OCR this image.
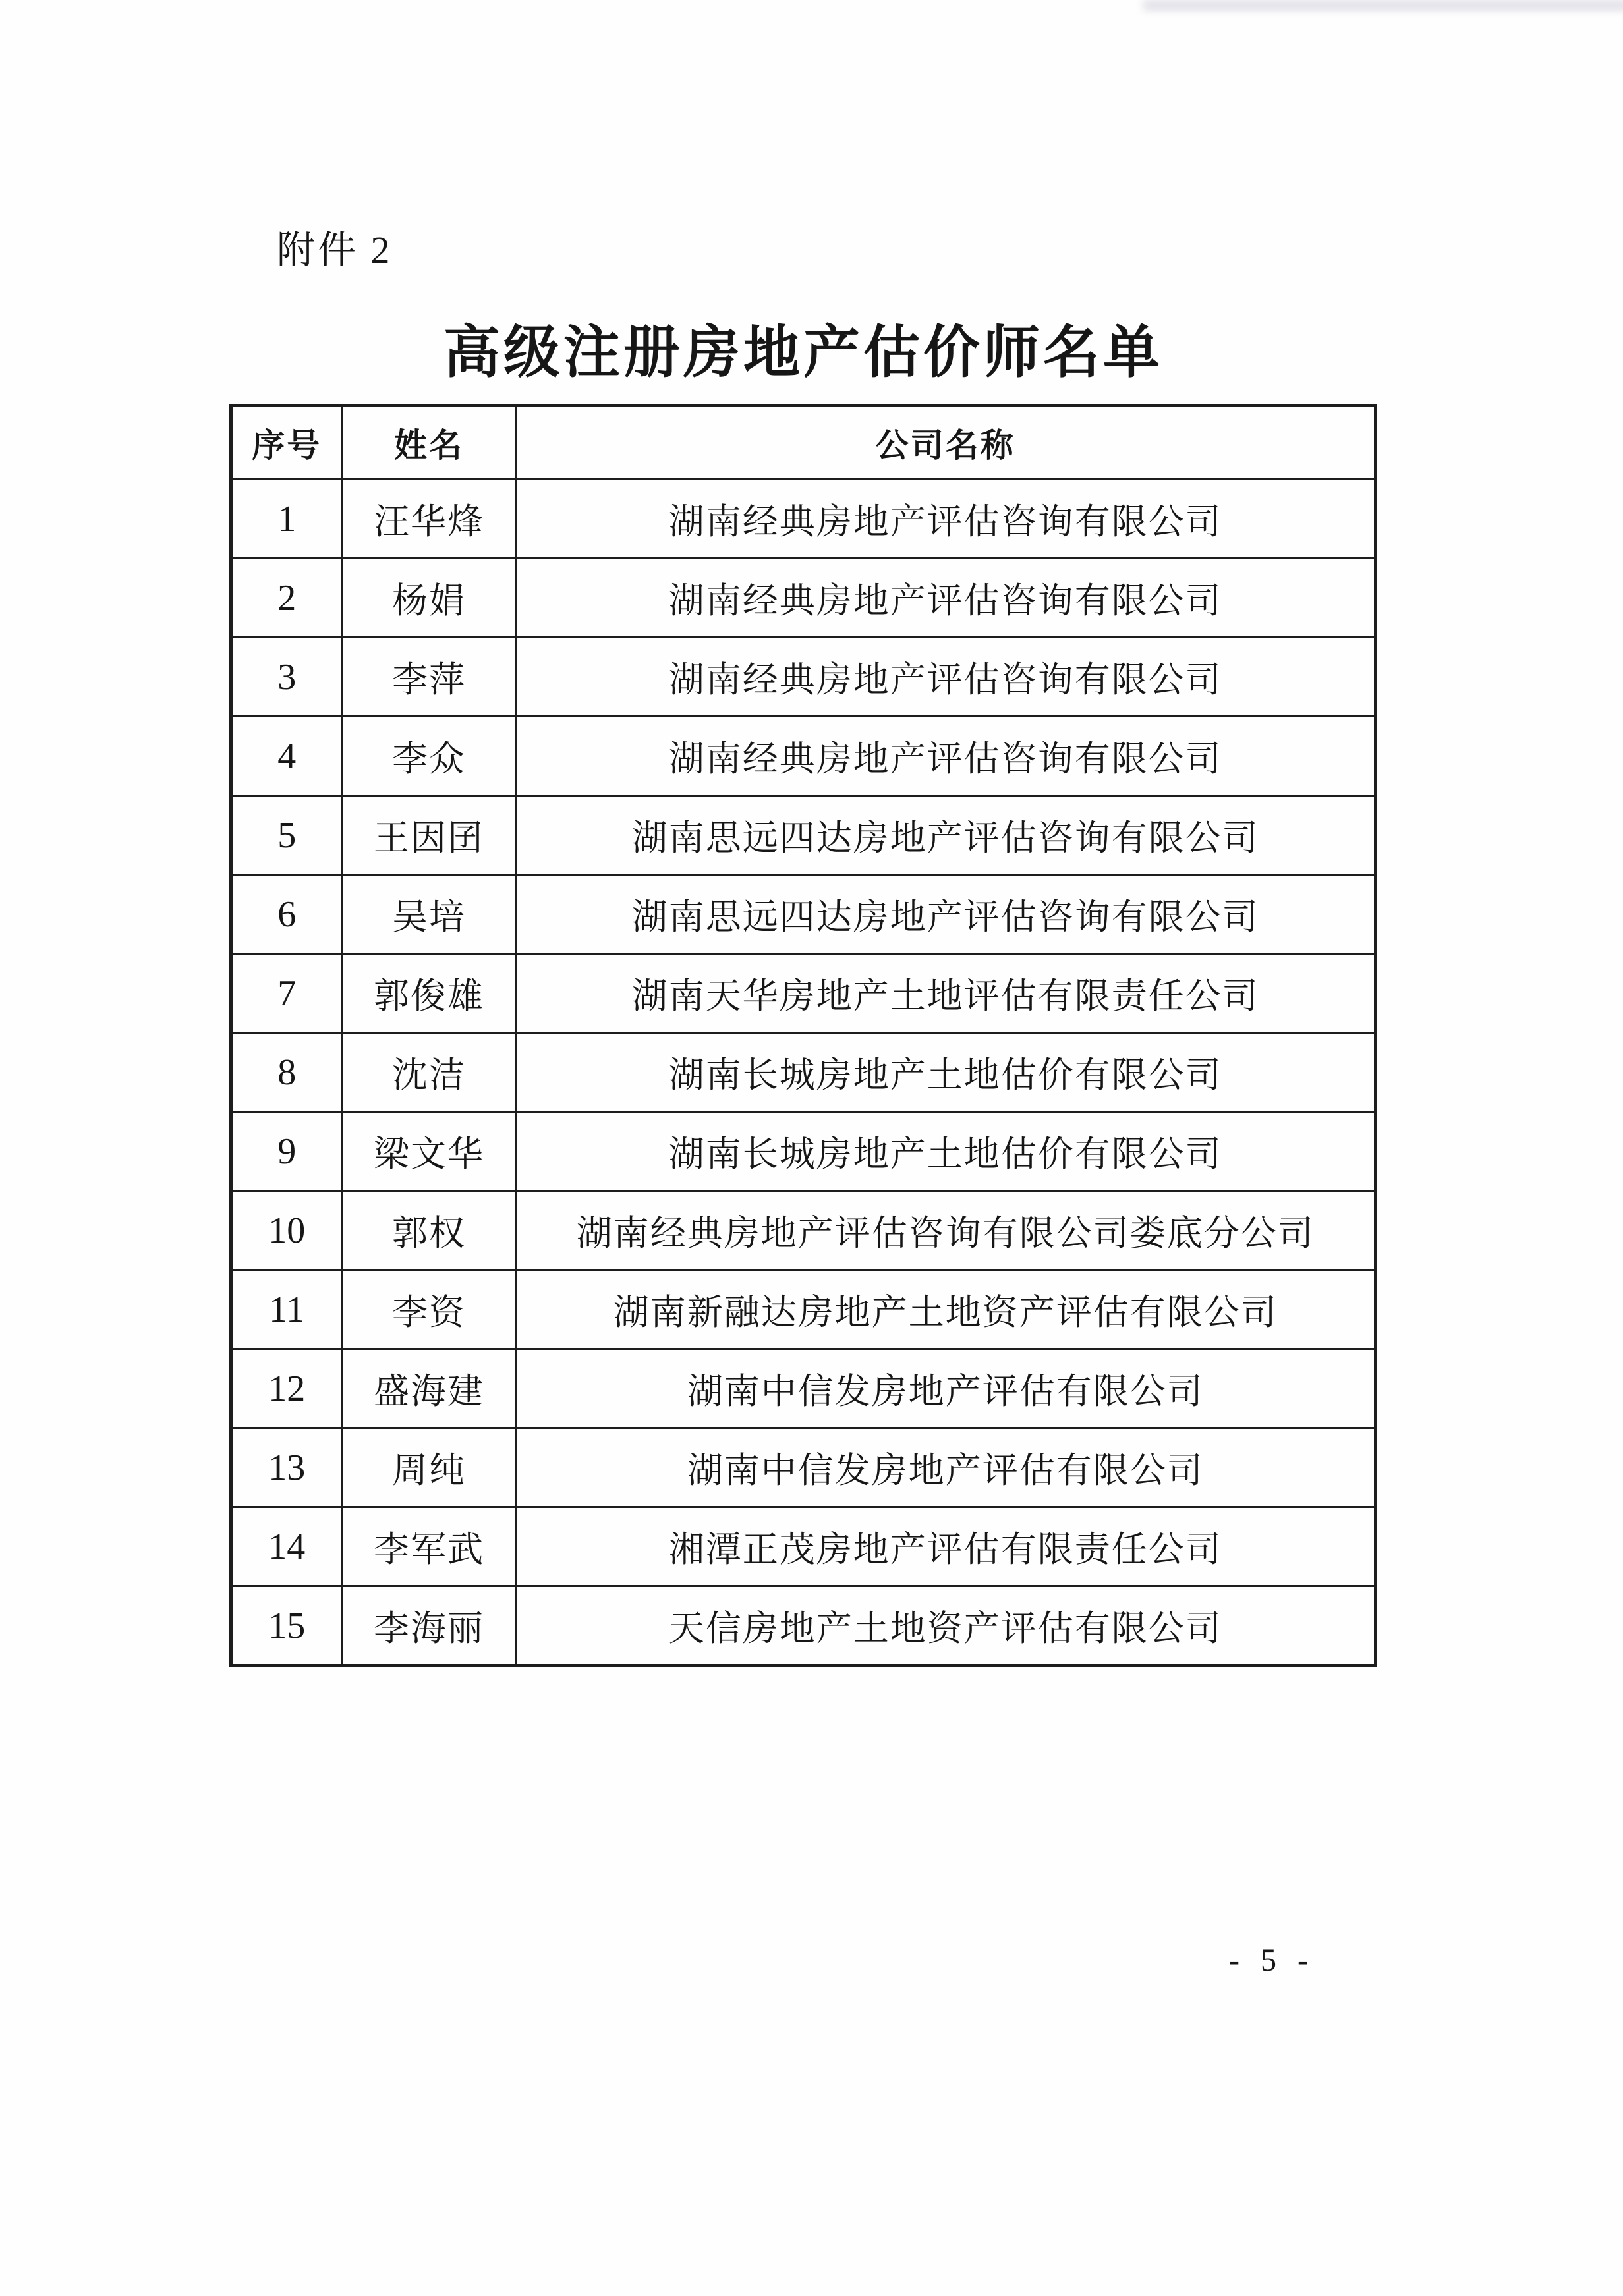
附件 2
高级注册房地产估价师名单
序号	姓名	公司名称
1	汪华烽	湖南经典房地产评估咨询有限公司
2	杨娟	湖南经典房地产评估咨询有限公司
3	李萍	湖南经典房地产评估咨询有限公司
4	李众	湖南经典房地产评估咨询有限公司
5	王因囝	湖南思远四达房地产评估咨询有限公司
6	吴培	湖南思远四达房地产评估咨询有限公司
7	郭俊雄	湖南天华房地产土地评估有限责任公司
8	沈洁	湖南长城房地产土地估价有限公司
9	梁文华	湖南长城房地产土地估价有限公司
10	郭权	湖南经典房地产评估咨询有限公司娄底分公司
11	李资	湖南新融达房地产土地资产评估有限公司
12	盛海建	湖南中信发房地产评估有限公司
13	周纯	湖南中信发房地产评估有限公司
14	李军武	湘潭正茂房地产评估有限责任公司
15	李海丽	天信房地产土地资产评估有限公司
- 5 -
